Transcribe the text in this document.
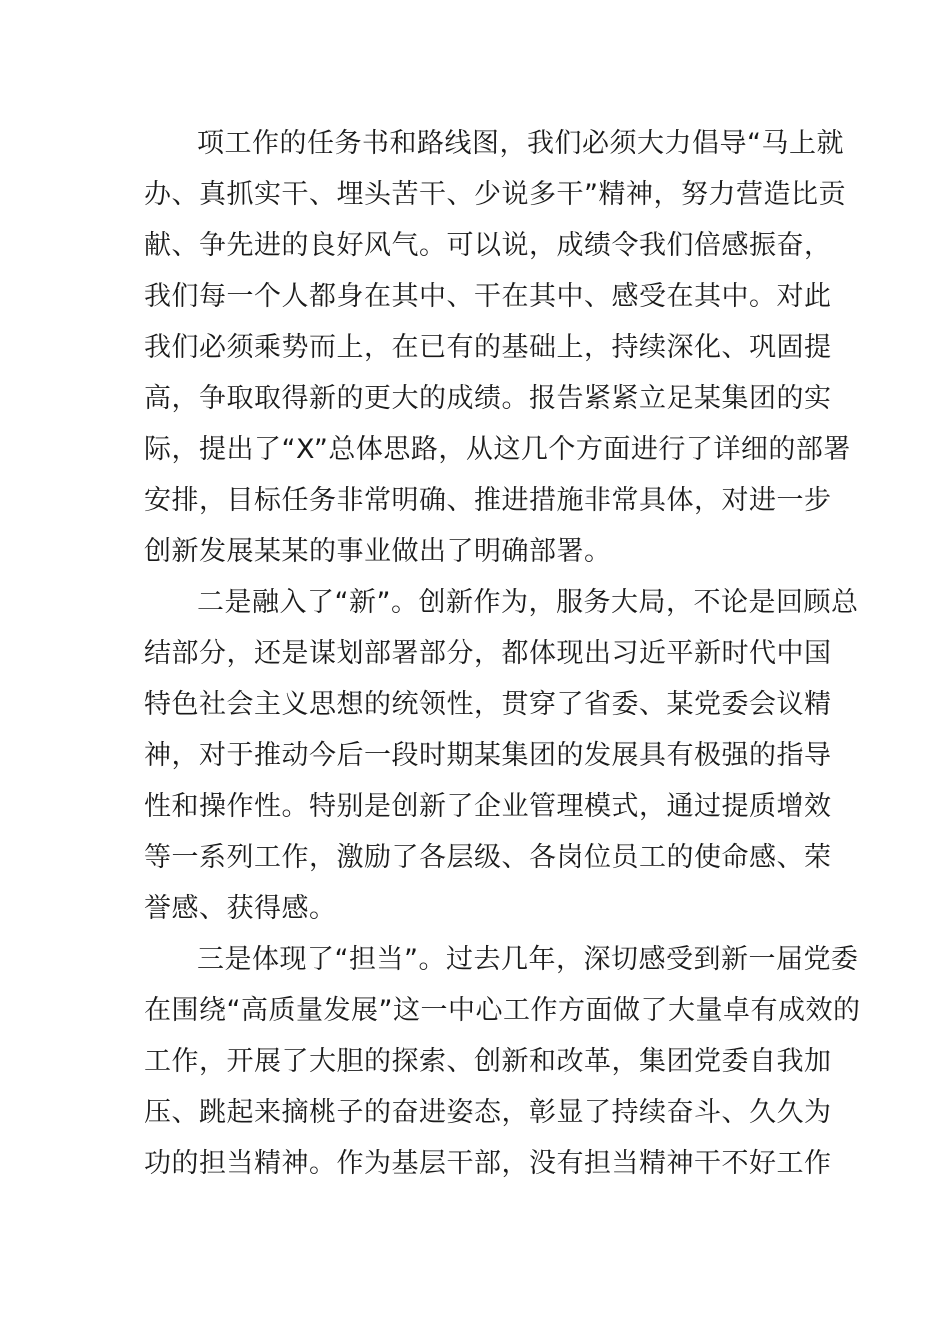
项工作的任务书和路线图，我们必须大力倡导“马上就
办、真抓实干、埋头苦干、少说多干”精神，努力营造比贡
献、争先进的良好风气。可以说，成绩令我们倍感振奋，
我们每一个人都身在其中、干在其中、感受在其中。对此
我们必须乘势而上，在已有的基础上，持续深化、巩固提
高，争取取得新的更大的成绩。报告紧紧立足某集团的实
际，提出了“X”总体思路，从这几个方面进行了详细的部署
安排，目标任务非常明确、推进措施非常具体，对进一步
创新发展某某的事业做出了明确部署。
二是融入了“新”。创新作为，服务大局，不论是回顾总
结部分，还是谋划部署部分，都体现出习近平新时代中国
特色社会主义思想的统领性，贯穿了省委、某党委会议精
神，对于推动今后一段时期某集团的发展具有极强的指导
性和操作性。特别是创新了企业管理模式，通过提质增效
等一系列工作，激励了各层级、各岗位员工的使命感、荣
誉感、获得感。
三是体现了“担当”。过去几年，深切感受到新一届党委
在围绕“高质量发展”这一中心工作方面做了大量卓有成效的
工作，开展了大胆的探索、创新和改革，集团党委自我加
压、跳起来摘桃子的奋进姿态，彰显了持续奋斗、久久为
功的担当精神。作为基层干部，没有担当精神干不好工作
